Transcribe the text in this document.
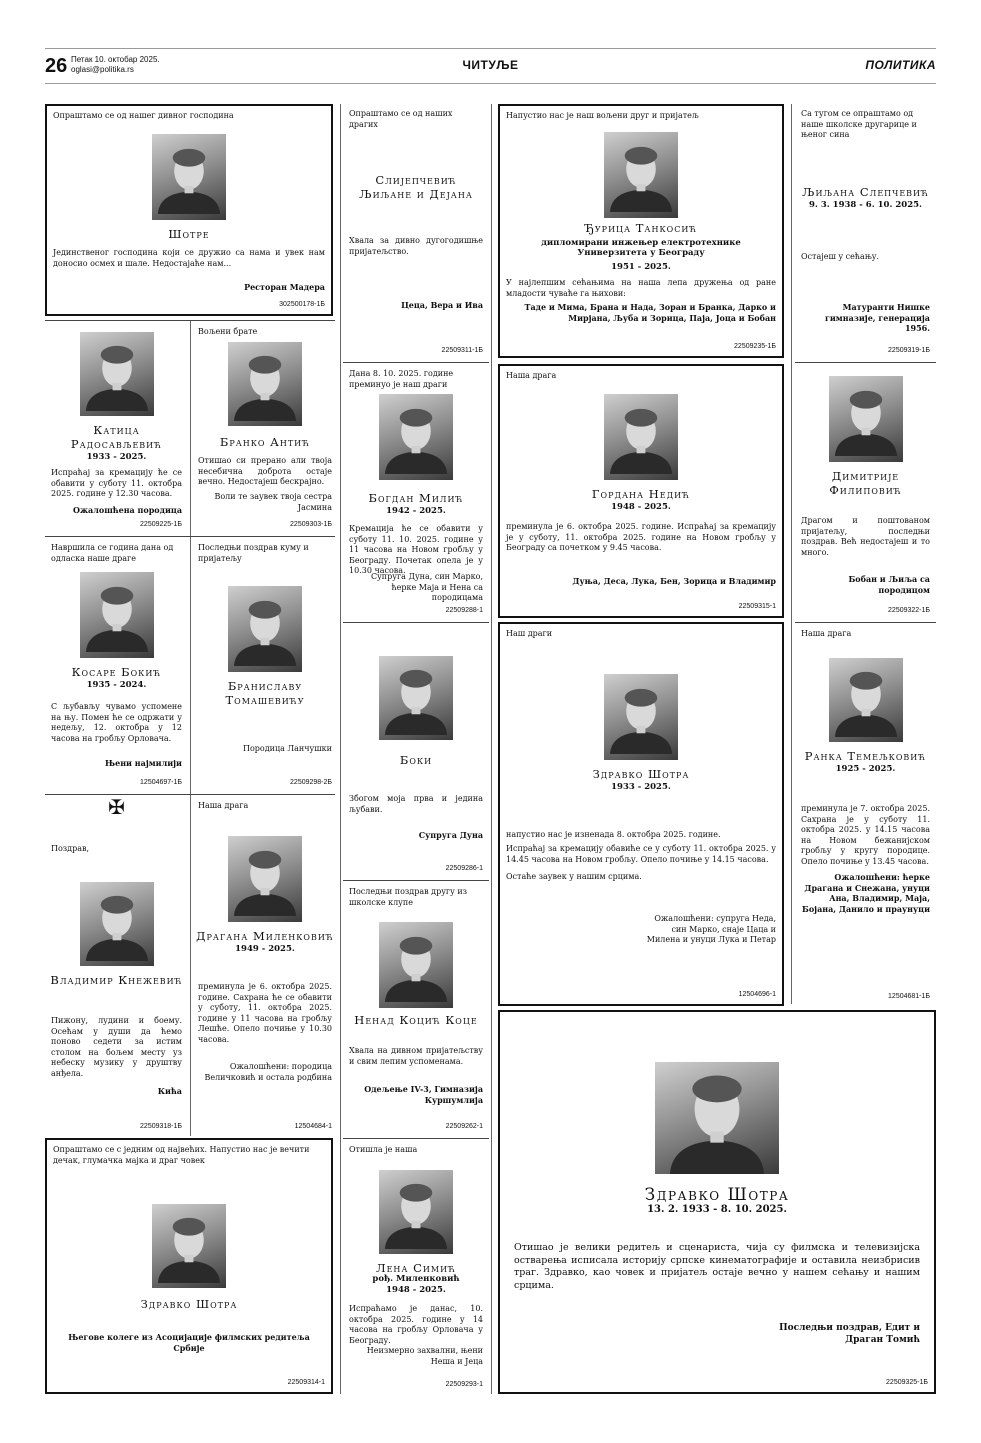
26 Петак 10. октобар 2025.
oglasi@politika.rs	ЧИТУЉЕ	ПОЛИТИКА
Опраштамо се од нашег дивног господина
Шотре
Јединственог господина који се дружио са нама и увек нам доносио осмех и шале. Недостајаће нам...
Ресторан Мадера
302500178-1Б
Катица Радосављевић
1933 - 2025.
Испраћај за кремацију ће се обавити у суботу 11. октобра 2025. године у 12.30 часова.
Ожалошћена породица
22509225-1Б
Вољени брате
Бранко Антић
Отишао си прерано али твоја несебична доброта остаје вечно. Недостајеш бескрајно.
Воли те заувек твоја сестра Јасмина
22509303-1Б
Навршила се година дана од одласка наше драге
Косаре Бокић
1935 - 2024.
С љубављу чувамо успомене на њу. Помен ће се одржати у недељу, 12. октобра у 12 часова на гробљу Орловача.
Њени најмилији
12504697-1Б
Последњи поздрав куму и пријатељу
Браниславу Томашевићу
Породица Ланчушки
22509298-2Б
✠
Поздрав,
Владимир Кнежевић
Пижону, лудини и боему. Осећам у души да ћемо поново седети за истим столом на бољем месту уз небеску музику у друштву анђела.
Кића
22509318-1Б
Наша драга
Драгана Миленковић
1949 - 2025.
преминула је 6. октобра 2025. године. Сахрана ће се обавити у суботу, 11. октобра 2025. године у 11 часова на гробљу Лешће. Опело почиње у 10.30 часова.
Ожалошћени: породица Величковић и остала родбина
12504684-1
Опраштамо се с једним од највећих. Напустио нас је вечити дечак, глумачка мајка и драг човек
Здравко Шотра
Његове колеге из Асоцијације филмских редитеља Србије
22509314-1
Опраштамо се од наших драгих
Слијепчевић Љиљане и Дејана
Хвала за дивно дугогодишње пријатељство.
Цеца, Вера и Ива
22509311-1Б
Дана 8. 10. 2025. године преминуо је наш драги
Богдан Милић
1942 - 2025.
Кремација ће се обавити у суботу 11. 10. 2025. године у 11 часова на Новом гробљу у Београду. Почетак опела је у 10.30 часова.
Супруга Дуна, син Марко, ћерке Маја и Нена са породицама
22509288-1
Боки
Збогом моја прва и једина љубави.
Супруга Дуна
22509286-1
Последњи поздрав другу из школске клупе
Ненад Коцић Коце
Хвала на дивном пријатељству и свим лепим успоменама.
Одељење IV-3, Гимназија Куршумлија
22509262-1
Отишла је наша
Лена Симић
рођ. Миленковић
1948 - 2025.
Испраћамо је данас, 10. октобра 2025. године у 14 часова на гробљу Орловача у Београду.
Неизмерно захвални, њени Неша и Јеца
22509293-1
Напустио нас је наш вољени друг и пријатељ
Ђурица Танкосић
дипломирани инжењер електротехнике Универзитета у Београду
1951 - 2025.
У најлепшим сећањима на наша лепа дружења од ране младости чуваће га њихови:
Таде и Мима, Брана и Нада, Зоран и Бранка, Дарко и Мирјана, Љуба и Зорица, Паја, Јоца и Бобан
22509235-1Б
Наша драга
Гордана Недић
1948 - 2025.
преминула је 6. октобра 2025. године. Испраћај за кремацију је у суботу, 11. октобра 2025. године на Новом гробљу у Београду са почетком у 9.45 часова.
Дуња, Деса, Лука, Бен, Зорица и Владимир
22509315-1
Наш драги
Здравко Шотра
1933 - 2025.
напустио нас је изненада 8. октобра 2025. године.
Испраћај за кремацију обавиће се у суботу 11. октобра 2025. у 14.45 часова на Новом гробљу. Опело почиње у 14.15 часова.
Остаће заувек у нашим срцима.
Ожалошћени: супруга Неда, син Марко, снаје Цаца и Милена и унуци Лука и Петар
12504696-1
Са тугом се опраштамо од наше школске другарице и њеног сина
Љиљана Слепчевић
9. 3. 1938 - 6. 10. 2025.
Остајеш у сећању.
Матуранти Нишке гимназије, генерација 1956.
22509319-1Б
Димитрије Филиповић
Драгом и поштованом пријатељу, последњи поздрав. Већ недостајеш и то много.
Бобан и Љиља са породицом
22509322-1Б
Наша драга
Ранка Темељковић
1925 - 2025.
преминула је 7. октобра 2025. Сахрана је у суботу 11. октобра 2025. у 14.15 часова на Новом бежанијском гробљу у кругу породице. Опело почиње у 13.45 часова.
Ожалошћени: ћерке Драгана и Снежана, унуци Ана, Владимир, Маја, Бојана, Данило и праунуци
12504681-1Б
Здравко Шотра
13. 2. 1933 - 8. 10. 2025.
Отишао је велики редитељ и сценариста, чија су филмска и телевизијска остварења исписала историју српске кинематографије и оставила неизбрисив траг. Здравко, као човек и пријатељ остаје вечно у нашем сећању и нашим срцима.
Последњи поздрав, Едит и Драган Томић
22509325-1Б
